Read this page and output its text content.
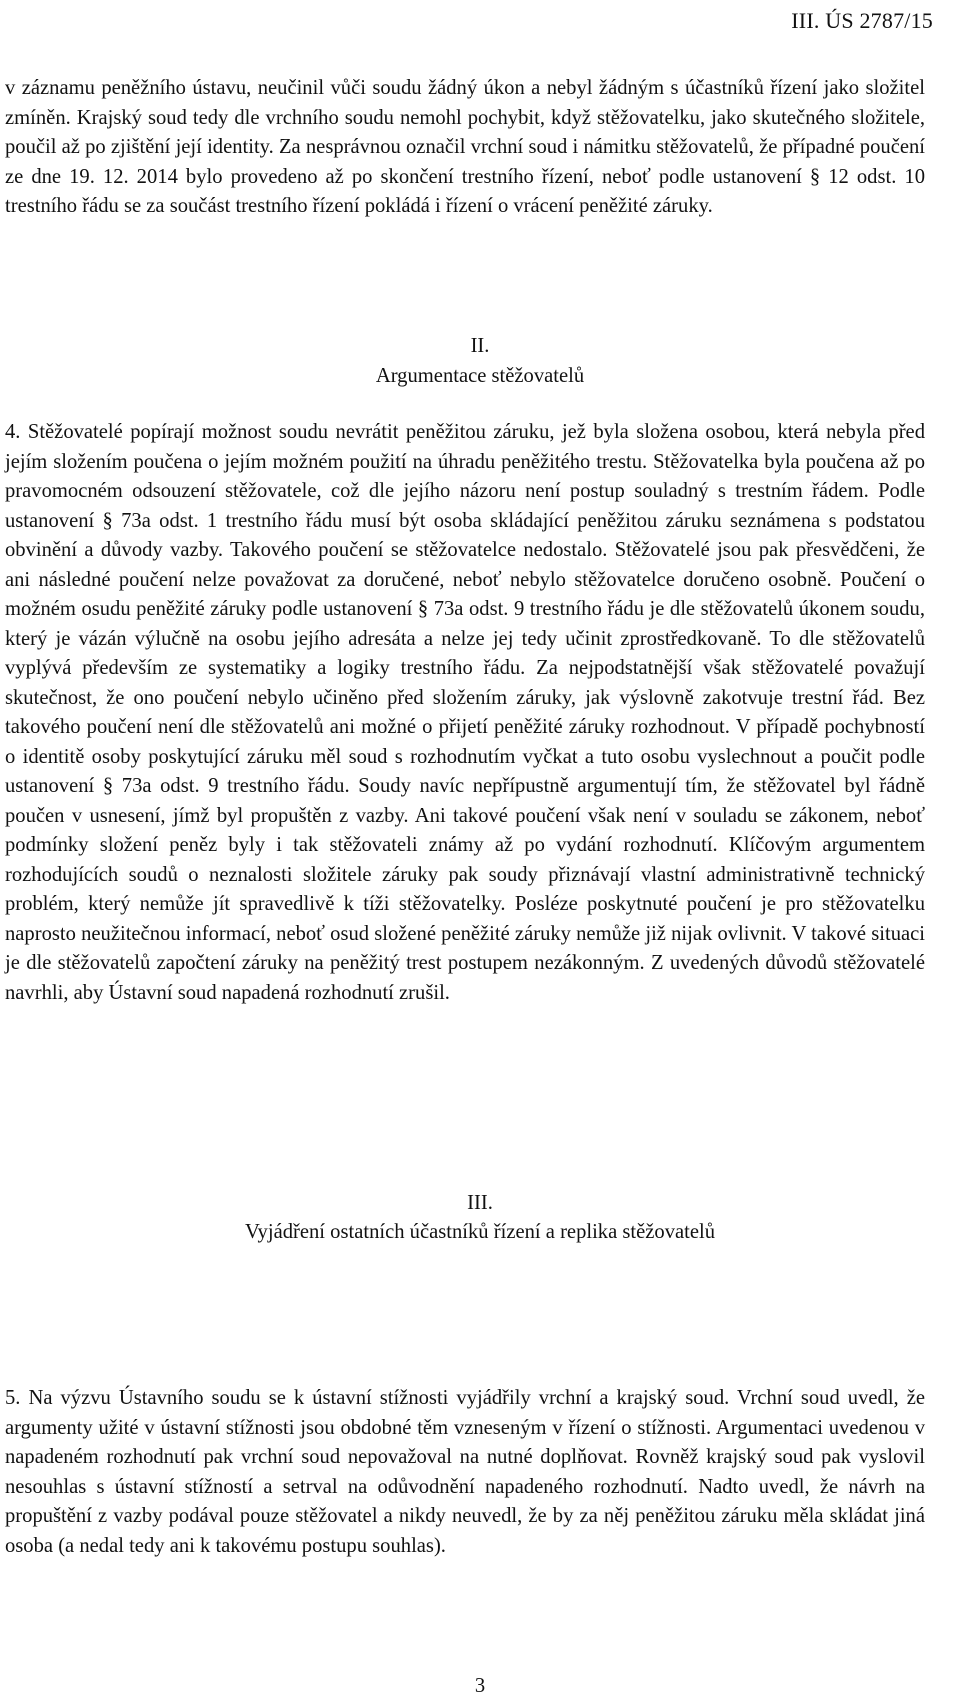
III. ÚS 2787/15

v záznamu peněžního ústavu, neučinil vůči soudu žádný úkon a nebyl žádným s účastníků řízení jako složitel zmíněn. Krajský soud tedy dle vrchního soudu nemohl pochybit, když stěžovatelku, jako skutečného složitele, poučil až po zjištění její identity. Za nesprávnou označil vrchní soud i námitku stěžovatelů, že případné poučení ze dne 19. 12. 2014 bylo provedeno až po skončení trestního řízení, neboť podle ustanovení § 12 odst. 10 trestního řádu se za součást trestního řízení pokládá i řízení o vrácení peněžité záruky.

II.
Argumentace stěžovatelů

4. Stěžovatelé popírají možnost soudu nevrátit peněžitou záruku, jež byla složena osobou, která nebyla před jejím složením poučena o jejím možném použití na úhradu peněžitého trestu. Stěžovatelka byla poučena až po pravomocném odsouzení stěžovatele, což dle jejího názoru není postup souladný s trestním řádem. Podle ustanovení § 73a odst. 1 trestního řádu musí být osoba skládající peněžitou záruku seznámena s podstatou obvinění a důvody vazby. Takového poučení se stěžovatelce nedostalo. Stěžovatelé jsou pak přesvědčeni, že ani následné poučení nelze považovat za doručené, neboť nebylo stěžovatelce doručeno osobně. Poučení o možném osudu peněžité záruky podle ustanovení § 73a odst. 9 trestního řádu je dle stěžovatelů úkonem soudu, který je vázán výlučně na osobu jejího adresáta a nelze jej tedy učinit zprostředkovaně. To dle stěžovatelů vyplývá především ze systematiky a logiky trestního řádu. Za nejpodstatnější však stěžovatelé považují skutečnost, že ono poučení nebylo učiněno před složením záruky, jak výslovně zakotvuje trestní řád. Bez takového poučení není dle stěžovatelů ani možné o přijetí peněžité záruky rozhodnout. V případě pochybností o identitě osoby poskytující záruku měl soud s rozhodnutím vyčkat a tuto osobu vyslechnout a poučit podle ustanovení § 73a odst. 9 trestního řádu. Soudy navíc nepřípustně argumentují tím, že stěžovatel byl řádně poučen v usnesení, jímž byl propuštěn z vazby. Ani takové poučení však není v souladu se zákonem, neboť podmínky složení peněz byly i tak stěžovateli známy až po vydání rozhodnutí. Klíčovým argumentem rozhodujících soudů o neznalosti složitele záruky pak soudy přiznávají vlastní administrativně technický problém, který nemůže jít spravedlivě k tíži stěžovatelky. Posléze poskytnuté poučení je pro stěžovatelku naprosto neužitečnou informací, neboť osud složené peněžité záruky nemůže již nijak ovlivnit. V takové situaci je dle stěžovatelů započtení záruky na peněžitý trest postupem nezákonným. Z uvedených důvodů stěžovatelé navrhli, aby Ústavní soud napadená rozhodnutí zrušil.

III.
Vyjádření ostatních účastníků řízení a replika stěžovatelů

5. Na výzvu Ústavního soudu se k ústavní stížnosti vyjádřily vrchní a krajský soud. Vrchní soud uvedl, že argumenty užité v ústavní stížnosti jsou obdobné těm vzneseným v řízení o stížnosti. Argumentaci uvedenou v napadeném rozhodnutí pak vrchní soud nepovažoval na nutné doplňovat. Rovněž krajský soud pak vyslovil nesouhlas s ústavní stížností a setrval na odůvodnění napadeného rozhodnutí. Nadto uvedl, že návrh na propuštění z vazby podával pouze stěžovatel a nikdy neuvedl, že by za něj peněžitou záruku měla skládat jiná osoba (a nedal tedy ani k takovému postupu souhlas).

3
